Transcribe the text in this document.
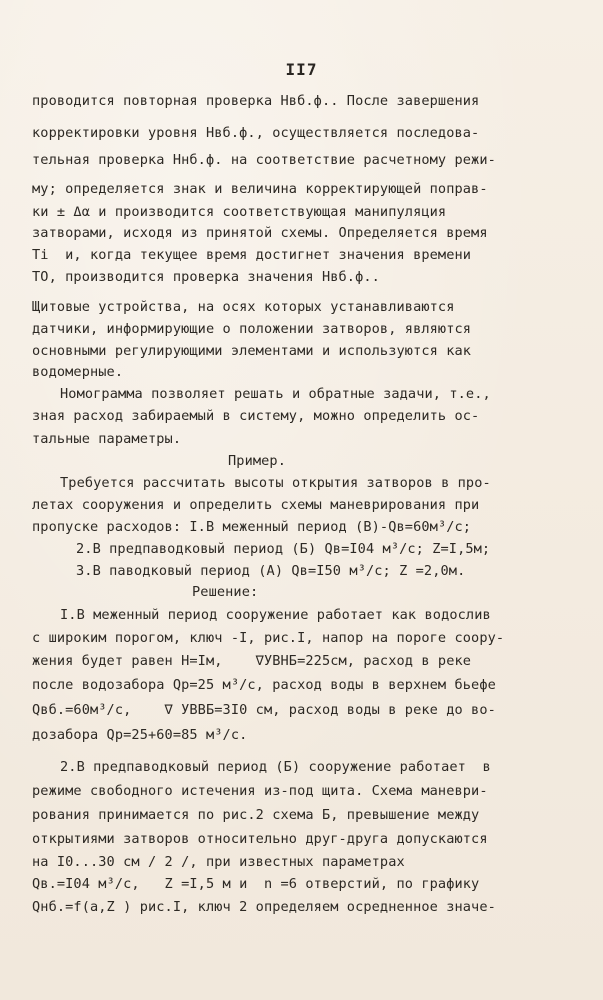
II7
проводится повторная проверка Hвб.ф.. После завершения
корректировки уровня Hвб.ф., осуществляется последова-
тельная проверка Hнб.ф. на соответствие расчетному режи-
му; определяется знак и величина корректирующей поправ-
ки ± Δα и производится соответствующая манипуляция
затворами, исходя из принятой схемы. Определяется время
Ti  и, когда текущее время достигнет значения времени
TO, производится проверка значения Hвб.ф..
Щитовые устройства, на осях которых устанавливаются
датчики, информирующие о положении затворов, являются
основными регулирующими элементами и используются как
водомерные.
Номограмма позволяет решать и обратные задачи, т.е.,
зная расход забираемый в систему, можно определить ос-
тальные параметры.
Пример.
Требуется рассчитать высоты открытия затворов в про-
летах сооружения и определить схемы маневрирования при
пропуске расходов: I.В меженный период (В)-Qв=60м³/с;
2.В предпаводковый период (Б) Qв=I04 м³/с; Z=I,5м;
3.В паводковый период (А) Qв=I50 м³/с; Z =2,0м.
Решение:
I.В меженный период сооружение работает как водослив
с широким порогом, ключ -I, рис.I, напор на пороге соору-
жения будет равен H=Iм,    ∇УВНБ=225см, расход в реке
после водозабора Qр=25 м³/с, расход воды в верхнем бьефе
Qвб.=60м³/с,    ∇ УВВБ=3I0 см, расход воды в реке до во-
дозабора Qр=25+60=85 м³/с.
2.В предпаводковый период (Б) сооружение работает  в
режиме свободного истечения из-под щита. Схема маневри-
рования принимается по рис.2 схема Б, превышение между
открытиями затворов относительно друг-друга допускаются
на I0...30 см / 2 /, при известных параметрах
Qв.=I04 м³/с,   Z =I,5 м и  n =6 отверстий, по графику
Qнб.=f(a,Z ) рис.I, ключ 2 определяем осредненное значе-
